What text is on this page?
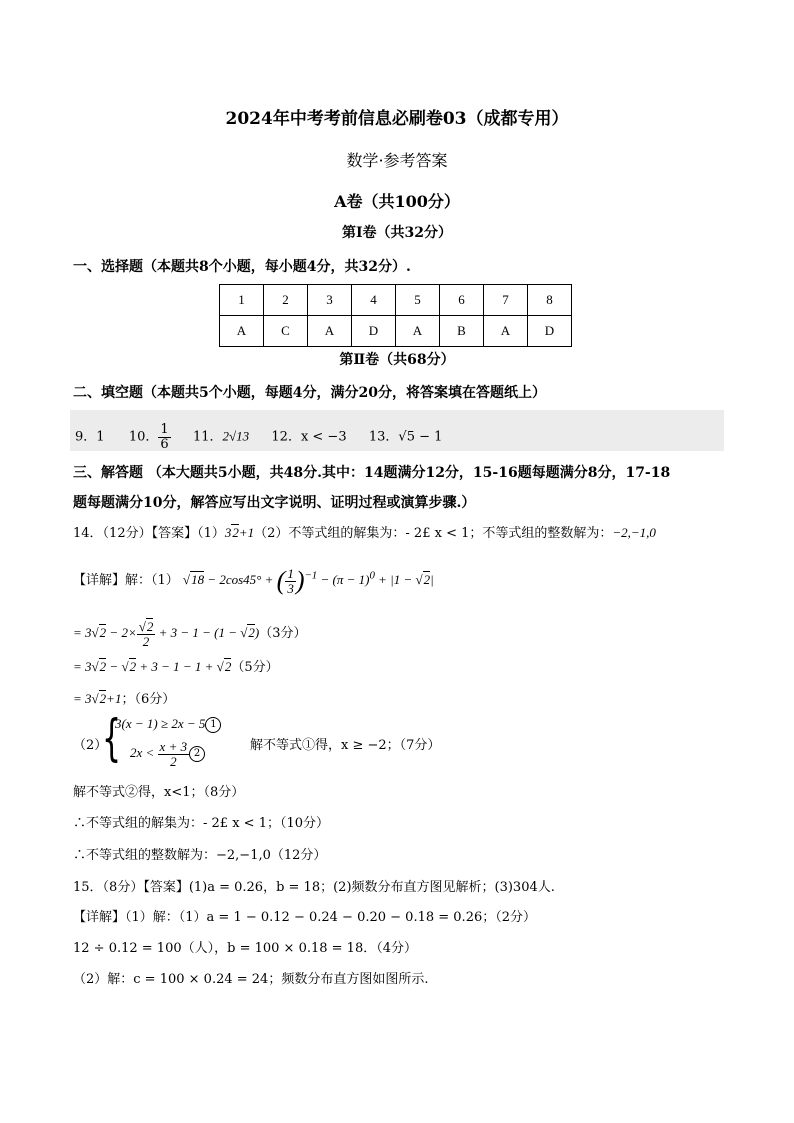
2024年中考考前信息必刷卷03（成都专用）
数学·参考答案
A卷（共100分）
第I卷（共32分）
一、选择题（本题共8个小题，每小题4分，共32分）.
1	2	3	4	5	6	7	8
A	C	A	D	A	B	A	D
第Ⅱ卷（共68分）
二、填空题（本题共5个小题，每题4分，满分20分，将答案填在答题纸上）
9．1 10． $\frac{1}{6} 11$．2√13 12．x < −3 13．√5 − 1
三、解答题 （本大题共5小题，共48分.其中：14题满分12分，15-16题每题满分8分，17-18
题每题满分10分，解答应写出文字说明、证明过程或演算步骤.）
14．（12分）【答案】（1）32+1（2）不等式组的解集为：- 2£ x < 1；不等式组的整数解为：−2,−1,0
【详解】解：（1） √18 − 2cos45° + ( $\frac{1}{3} )^{-1} - (\pi - 1)^0 + |1 - √2|$
= $3√2 - 2\times \frac{√2}{2} + 3 - 1 - (1 - √2)(3$分）
= 3√2 − √2 + 3 − 1 − 1 + √2（5分）
= 3√2+1；（6分）
（2）
{
3(x − 1) ≥ 2x − 5 1
$2x < \frac{x + 3}{2} 2$
解不等式①得，x ≥ −2；（7分）
解不等式②得，x<1；（8分）
∴不等式组的解集为：- 2£ x < 1；（10分）
∴不等式组的整数解为：−2,−1,0（12分）
15．（8分）【答案】(1)a = 0.26，b = 18；(2)频数分布直方图见解析；(3)304人.
【详解】（1）解：（1）a = 1 − 0.12 − 0.24 − 0.20 − 0.18 = 0.26；（2分）
12 ÷ 0.12 = 100（人），b = 100 × 0.18 = 18．（4分）
（2）解：c = 100 × 0.24 = 24；频数分布直方图如图所示.
